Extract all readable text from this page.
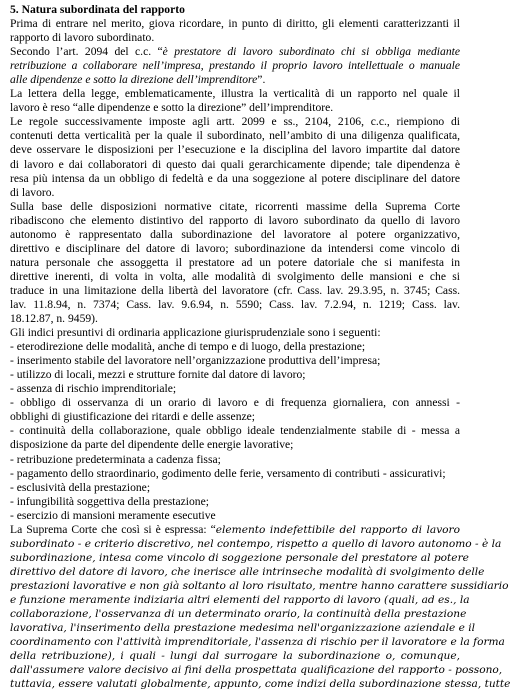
5. Natura subordinata del rapporto
Prima di entrare nel merito, giova ricordare, in punto di diritto, gli elementi caratterizzanti il
rapporto di lavoro subordinato.
Secondo l’art. 2094 del c.c. “è prestatore di lavoro subordinato chi si obbliga mediante
retribuzione a collaborare nell’impresa, prestando il proprio lavoro intellettuale o manuale
alle dipendenze e sotto la direzione dell’imprenditore”.
La lettera della legge, emblematicamente, illustra la verticalità di un rapporto nel quale il
lavoro è reso “alle dipendenze e sotto la direzione” dell’imprenditore.
Le regole successivamente imposte agli artt. 2099 e ss., 2104, 2106, c.c., riempiono di
contenuti detta verticalità per la quale il subordinato, nell’ambito di una diligenza qualificata,
deve osservare le disposizioni per l’esecuzione e la disciplina del lavoro impartite dal datore
di lavoro e dai collaboratori di questo dai quali gerarchicamente dipende; tale dipendenza è
resa più intensa da un obbligo di fedeltà e da una soggezione al potere disciplinare del datore
di lavoro.
Sulla base delle disposizioni normative citate, ricorrenti massime della Suprema Corte
ribadiscono che elemento distintivo del rapporto di lavoro subordinato da quello di lavoro
autonomo è rappresentato dalla subordinazione del lavoratore al potere organizzativo,
direttivo e disciplinare del datore di lavoro; subordinazione da intendersi come vincolo di
natura personale che assoggetta il prestatore ad un potere datoriale che si manifesta in
direttive inerenti, di volta in volta, alle modalità di svolgimento delle mansioni e che si
traduce in una limitazione della libertà del lavoratore (cfr. Cass. lav. 29.3.95, n. 3745; Cass.
lav. 11.8.94, n. 7374; Cass. lav. 9.6.94, n. 5590; Cass. lav. 7.2.94, n. 1219; Cass. lav.
18.12.87, n. 9459).
Gli indici presuntivi di ordinaria applicazione giurisprudenziale sono i seguenti:
- eterodirezione delle modalità, anche di tempo e di luogo, della prestazione;
- inserimento stabile del lavoratore nell’organizzazione produttiva dell’impresa;
- utilizzo di locali, mezzi e strutture fornite dal datore di lavoro;
- assenza di rischio imprenditoriale;
- obbligo di osservanza di un orario di lavoro e di frequenza giornaliera, con annessi -
obblighi di giustificazione dei ritardi e delle assenze;
- continuità della collaborazione, quale obbligo ideale tendenzialmente stabile di - messa a
disposizione da parte del dipendente delle energie lavorative;
- retribuzione predeterminata a cadenza fissa;
- pagamento dello straordinario, godimento delle ferie, versamento di contributi - assicurativi;
- esclusività della prestazione;
- infungibilità soggettiva della prestazione;
- esercizio di mansioni meramente esecutive
La Suprema Corte che così si è espressa: “elemento indefettibile del rapporto di lavoro
subordinato - e criterio discretivo, nel contempo, rispetto a quello di lavoro autonomo - è la
subordinazione, intesa come vincolo di soggezione personale del prestatore al potere
direttivo del datore di lavoro, che inerisce alle intrinseche modalità di svolgimento delle
prestazioni lavorative e non già soltanto al loro risultato, mentre hanno carattere sussidiario
e funzione meramente indiziaria altri elementi del rapporto di lavoro (quali, ad es., la
collaborazione, l'osservanza di un determinato orario, la continuità della prestazione
lavorativa, l'inserimento della prestazione medesima nell'organizzazione aziendale e il
coordinamento con l'attività imprenditoriale, l'assenza di rischio per il lavoratore e la forma
della retribuzione), i quali - lungi dal surrogare la subordinazione o, comunque,
dall'assumere valore decisivo ai fini della prospettata qualificazione del rapporto - possono,
tuttavia, essere valutati globalmente, appunto, come indizi della subordinazione stessa, tutte
